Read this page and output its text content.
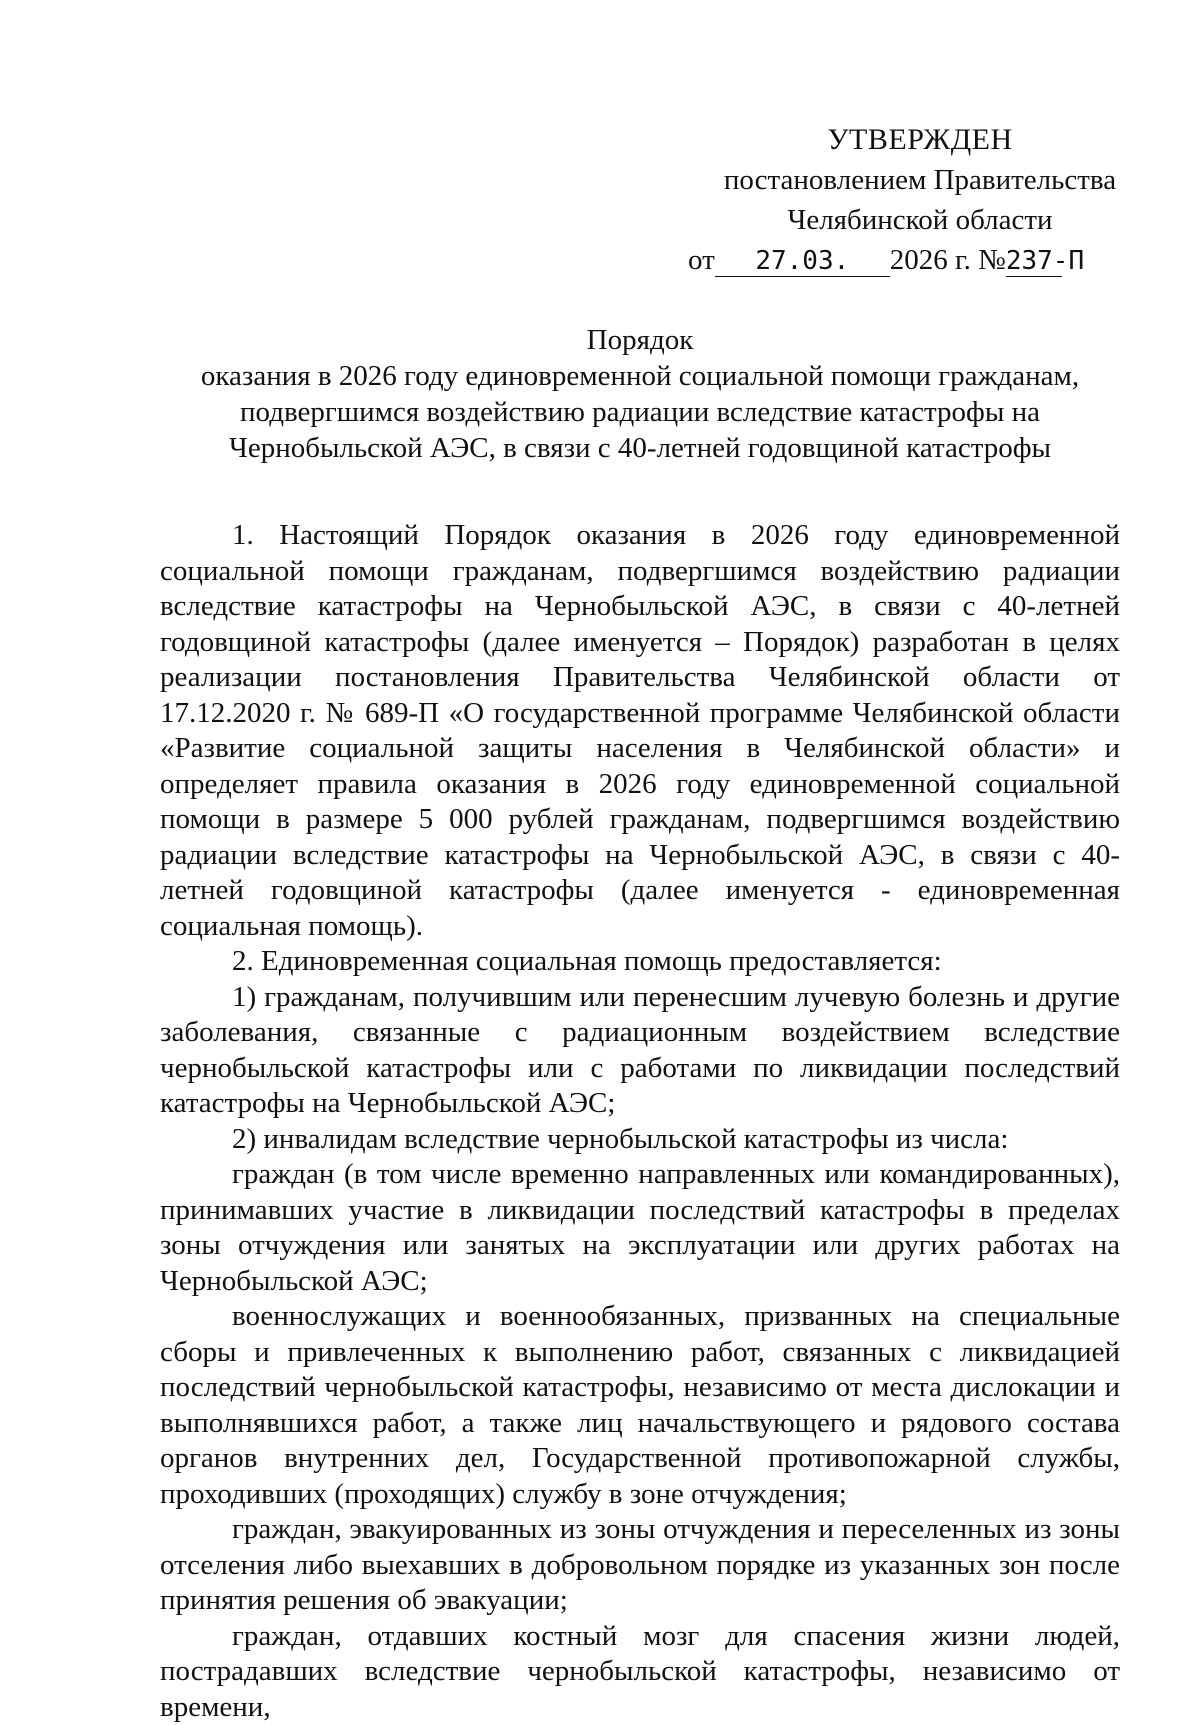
УТВЕРЖДЕН
постановлением Правительства
Челябинской области
от 27.03. 2026 г. №237-П
Порядок
оказания в 2026 году единовременной социальной помощи гражданам,
подвергшимся воздействию радиации вследствие катастрофы на
Чернобыльской АЭС, в связи с 40-летней годовщиной катастрофы

1. Настоящий Порядок оказания в 2026 году единовременной социальной помощи гражданам, подвергшимся воздействию радиации вследствие катастрофы на Чернобыльской АЭС, в связи с 40-летней годовщиной катастрофы (далее именуется – Порядок) разработан в целях реализации постановления Правительства Челябинской области от 17.12.2020 г. № 689-П «О государственной программе Челябинской области «Развитие социальной защиты населения в Челябинской области» и определяет правила оказания в 2026 году единовременной социальной помощи в размере 5 000 рублей гражданам, подвергшимся воздействию радиации вследствие катастрофы на Чернобыльской АЭС, в связи с 40-летней годовщиной катастрофы (далее именуется - единовременная социальная помощь).

2. Единовременная социальная помощь предоставляется:

1) гражданам, получившим или перенесшим лучевую болезнь и другие заболевания, связанные с радиационным воздействием вследствие чернобыльской катастрофы или с работами по ликвидации последствий катастрофы на Чернобыльской АЭС;

2) инвалидам вследствие чернобыльской катастрофы из числа:

граждан (в том числе временно направленных или командированных), принимавших участие в ликвидации последствий катастрофы в пределах зоны отчуждения или занятых на эксплуатации или других работах на Чернобыльской АЭС;

военнослужащих и военнообязанных, призванных на специальные сборы и привлеченных к выполнению работ, связанных с ликвидацией последствий чернобыльской катастрофы, независимо от места дислокации и выполнявшихся работ, а также лиц начальствующего и рядового состава органов внутренних дел, Государственной противопожарной службы, проходивших (проходящих) службу в зоне отчуждения;

граждан, эвакуированных из зоны отчуждения и переселенных из зоны отселения либо выехавших в добровольном порядке из указанных зон после принятия решения об эвакуации;

граждан, отдавших костный мозг для спасения жизни людей, пострадавших вследствие чернобыльской катастрофы, независимо от времени,
